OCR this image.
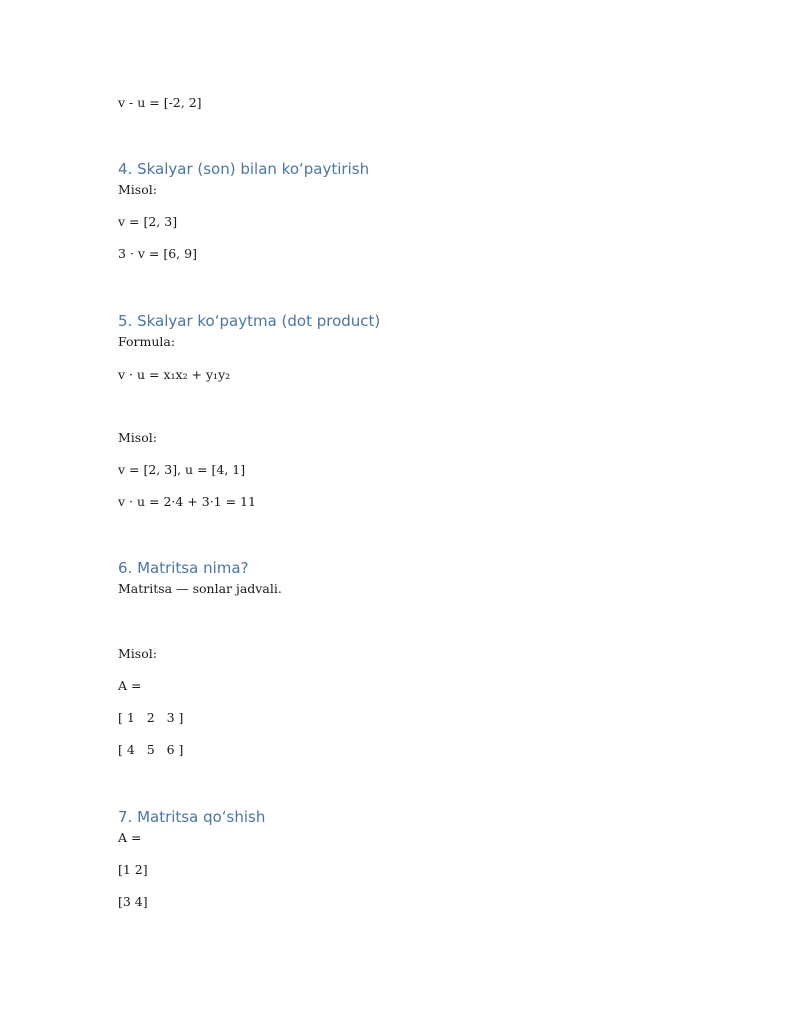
v - u = [-2, 2]
4. Skalyar (son) bilan koʻpaytirish
Misol:
v = [2, 3]
3 · v = [6, 9]
5. Skalyar koʻpaytma (dot product)
Formula:
v · u = x₁x₂ + y₁y₂
Misol:
v = [2, 3], u = [4, 1]
v · u = 2·4 + 3·1 = 11
6. Matritsa nima?
Matritsa — sonlar jadvali.
Misol:
A =
[ 1   2   3 ]
[ 4   5   6 ]
7. Matritsa qoʻshish
A =
[1 2]
[3 4]
